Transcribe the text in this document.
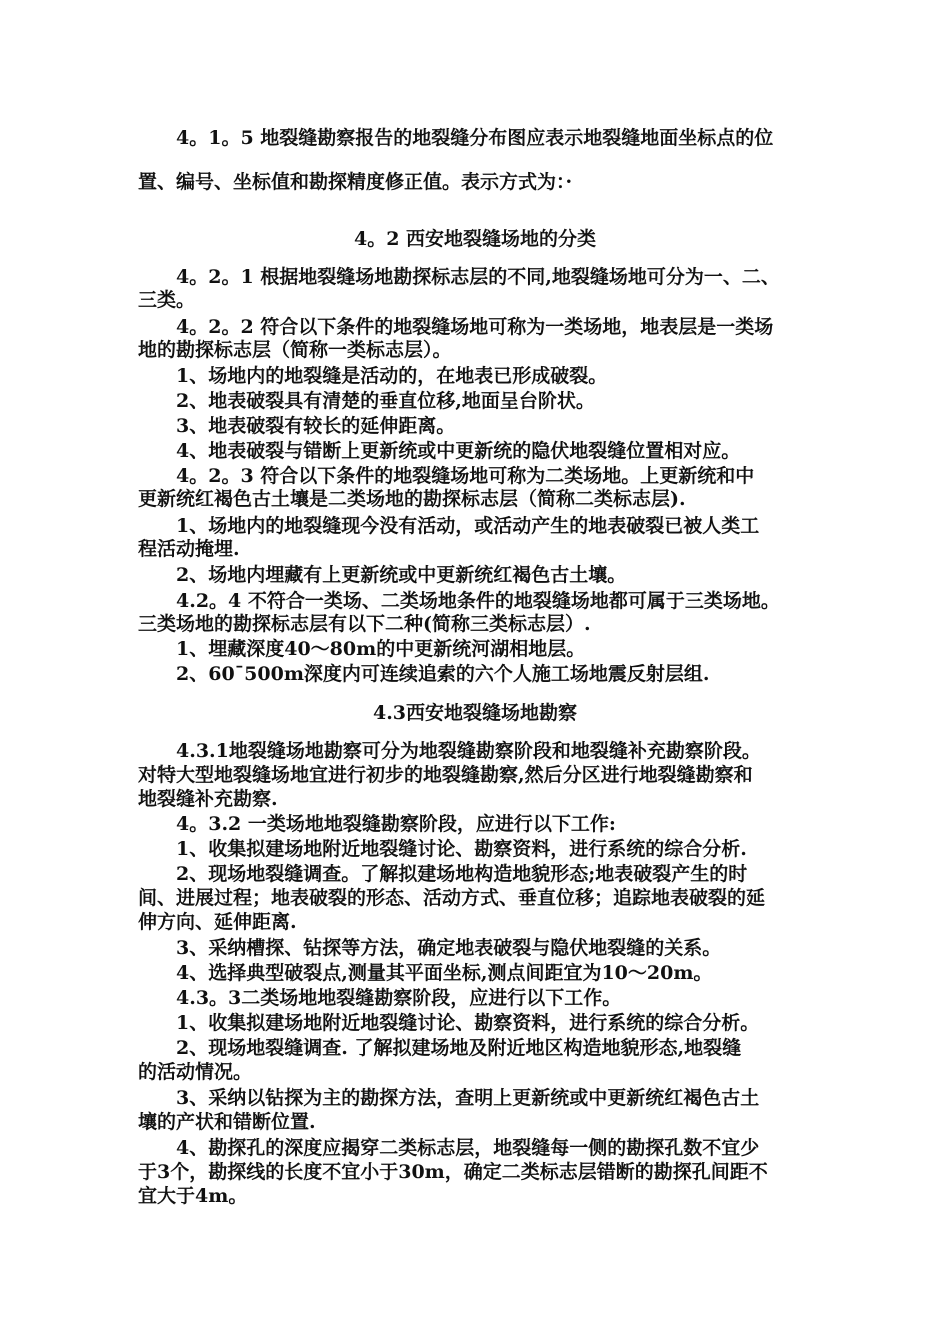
　　4。1。5 地裂缝勘察报告的地裂缝分布图应表示地裂缝地面坐标点的位
置、编号、坐标值和勘探精度修正值。表示方式为：·
4。2 西安地裂缝场地的分类
　　4。2。1 根据地裂缝场地勘探标志层的不同,地裂缝场地可分为一、二、
三类。
　　4。2。2 符合以下条件的地裂缝场地可称为一类场地，地表层是一类场
地的勘探标志层（简称一类标志层）。
　　1、场地内的地裂缝是活动的，在地表已形成破裂。
　　2、地表破裂具有清楚的垂直位移,地面呈台阶状。
　　3、地表破裂有较长的延伸距离。
　　4、地表破裂与错断上更新统或中更新统的隐伏地裂缝位置相对应。
　　4。2。3 符合以下条件的地裂缝场地可称为二类场地。上更新统和中
更新统红褐色古土壤是二类场地的勘探标志层（简称二类标志层).
　　1、场地内的地裂缝现今没有活动，或活动产生的地表破裂已被人类工
程活动掩埋.
　　2、场地内埋藏有上更新统或中更新统红褐色古土壤。
　　4.2。4 不符合一类场、二类场地条件的地裂缝场地都可属于三类场地。
三类场地的勘探标志层有以下二种(简称三类标志层）.
　　1、埋藏深度40～80m的中更新统河湖相地层。
　　2、60¯500m深度内可连续追索的六个人施工场地震反射层组.
4.3西安地裂缝场地勘察
　　4.3.1地裂缝场地勘察可分为地裂缝勘察阶段和地裂缝补充勘察阶段。
对特大型地裂缝场地宜进行初步的地裂缝勘察,然后分区进行地裂缝勘察和
地裂缝补充勘察.
　　4。3.2 一类场地地裂缝勘察阶段，应进行以下工作:
　　1、收集拟建场地附近地裂缝讨论、勘察资料，进行系统的综合分析.
　　2、现场地裂缝调查。了解拟建场地构造地貌形态;地表破裂产生的时
间、进展过程；地表破裂的形态、活动方式、垂直位移；追踪地表破裂的延
伸方向、延伸距离.
　　3、采纳槽探、钻探等方法，确定地表破裂与隐伏地裂缝的关系。
　　4、选择典型破裂点,测量其平面坐标,测点间距宜为10～20m。
　　4.3。3二类场地地裂缝勘察阶段，应进行以下工作。
　　1、收集拟建场地附近地裂缝讨论、勘察资料，进行系统的综合分析。
　　2、现场地裂缝调查. 了解拟建场地及附近地区构造地貌形态,地裂缝
的活动情况。
　　3、采纳以钻探为主的勘探方法，查明上更新统或中更新统红褐色古土
壤的产状和错断位置.
　　4、勘探孔的深度应揭穿二类标志层，地裂缝每一侧的勘探孔数不宜少
于3个，勘探线的长度不宜小于30m，确定二类标志层错断的勘探孔间距不
宜大于4m。
